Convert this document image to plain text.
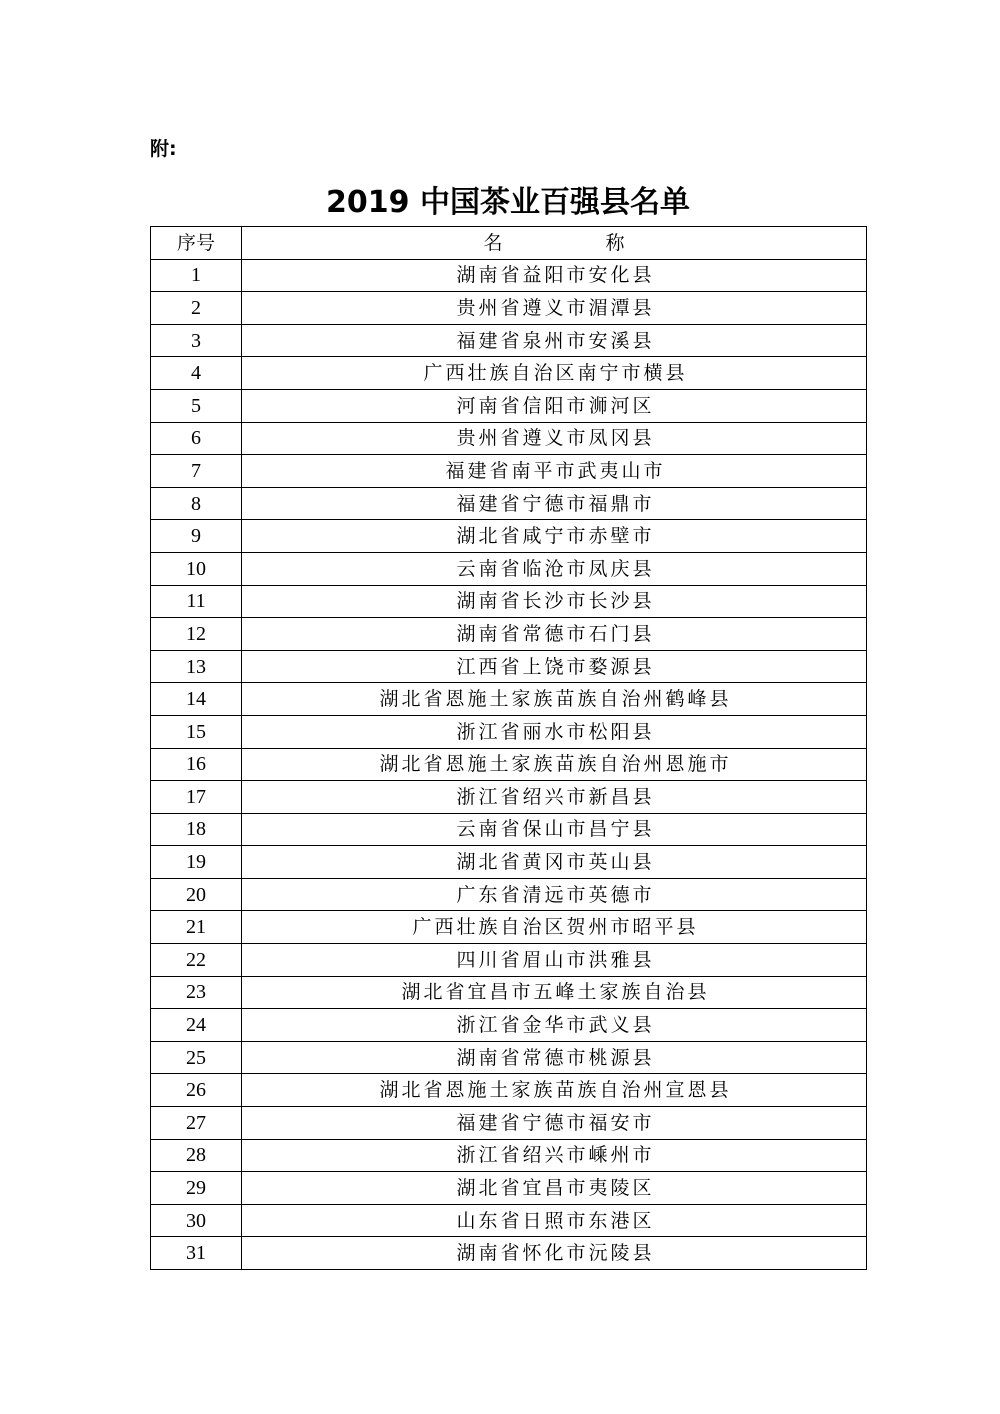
附:
2019 中国茶业百强县名单
序号	名　称
1	湖南省益阳市安化县
2	贵州省遵义市湄潭县
3	福建省泉州市安溪县
4	广西壮族自治区南宁市横县
5	河南省信阳市浉河区
6	贵州省遵义市凤冈县
7	福建省南平市武夷山市
8	福建省宁德市福鼎市
9	湖北省咸宁市赤壁市
10	云南省临沧市凤庆县
11	湖南省长沙市长沙县
12	湖南省常德市石门县
13	江西省上饶市婺源县
14	湖北省恩施土家族苗族自治州鹤峰县
15	浙江省丽水市松阳县
16	湖北省恩施土家族苗族自治州恩施市
17	浙江省绍兴市新昌县
18	云南省保山市昌宁县
19	湖北省黄冈市英山县
20	广东省清远市英德市
21	广西壮族自治区贺州市昭平县
22	四川省眉山市洪雅县
23	湖北省宜昌市五峰土家族自治县
24	浙江省金华市武义县
25	湖南省常德市桃源县
26	湖北省恩施土家族苗族自治州宣恩县
27	福建省宁德市福安市
28	浙江省绍兴市嵊州市
29	湖北省宜昌市夷陵区
30	山东省日照市东港区
31	湖南省怀化市沅陵县
